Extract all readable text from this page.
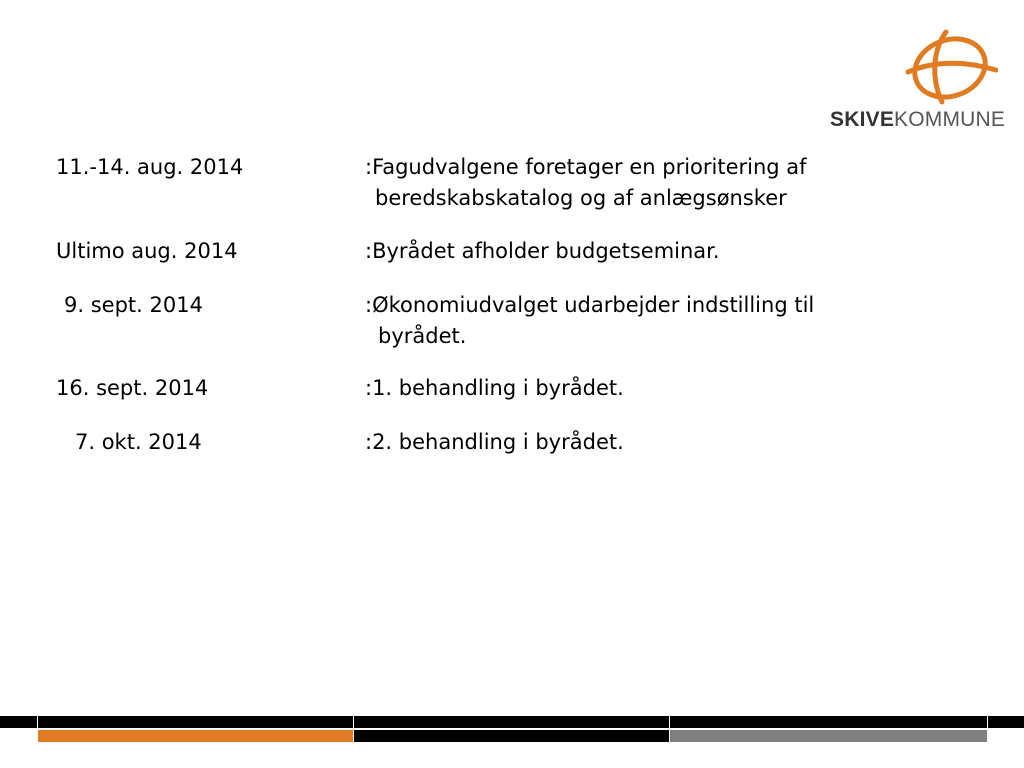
SKIVEKOMMUNE
11.-14. aug. 2014	:Fagudvalgene foretager en prioritering af
beredskabskatalog og af anlægsønsker
Ultimo aug. 2014	:Byrådet afholder budgetseminar.
9. sept. 2014	:Økonomiudvalget udarbejder indstilling til
byrådet.
16. sept. 2014	:1. behandling i byrådet.
7. okt. 2014	:2. behandling i byrådet.
